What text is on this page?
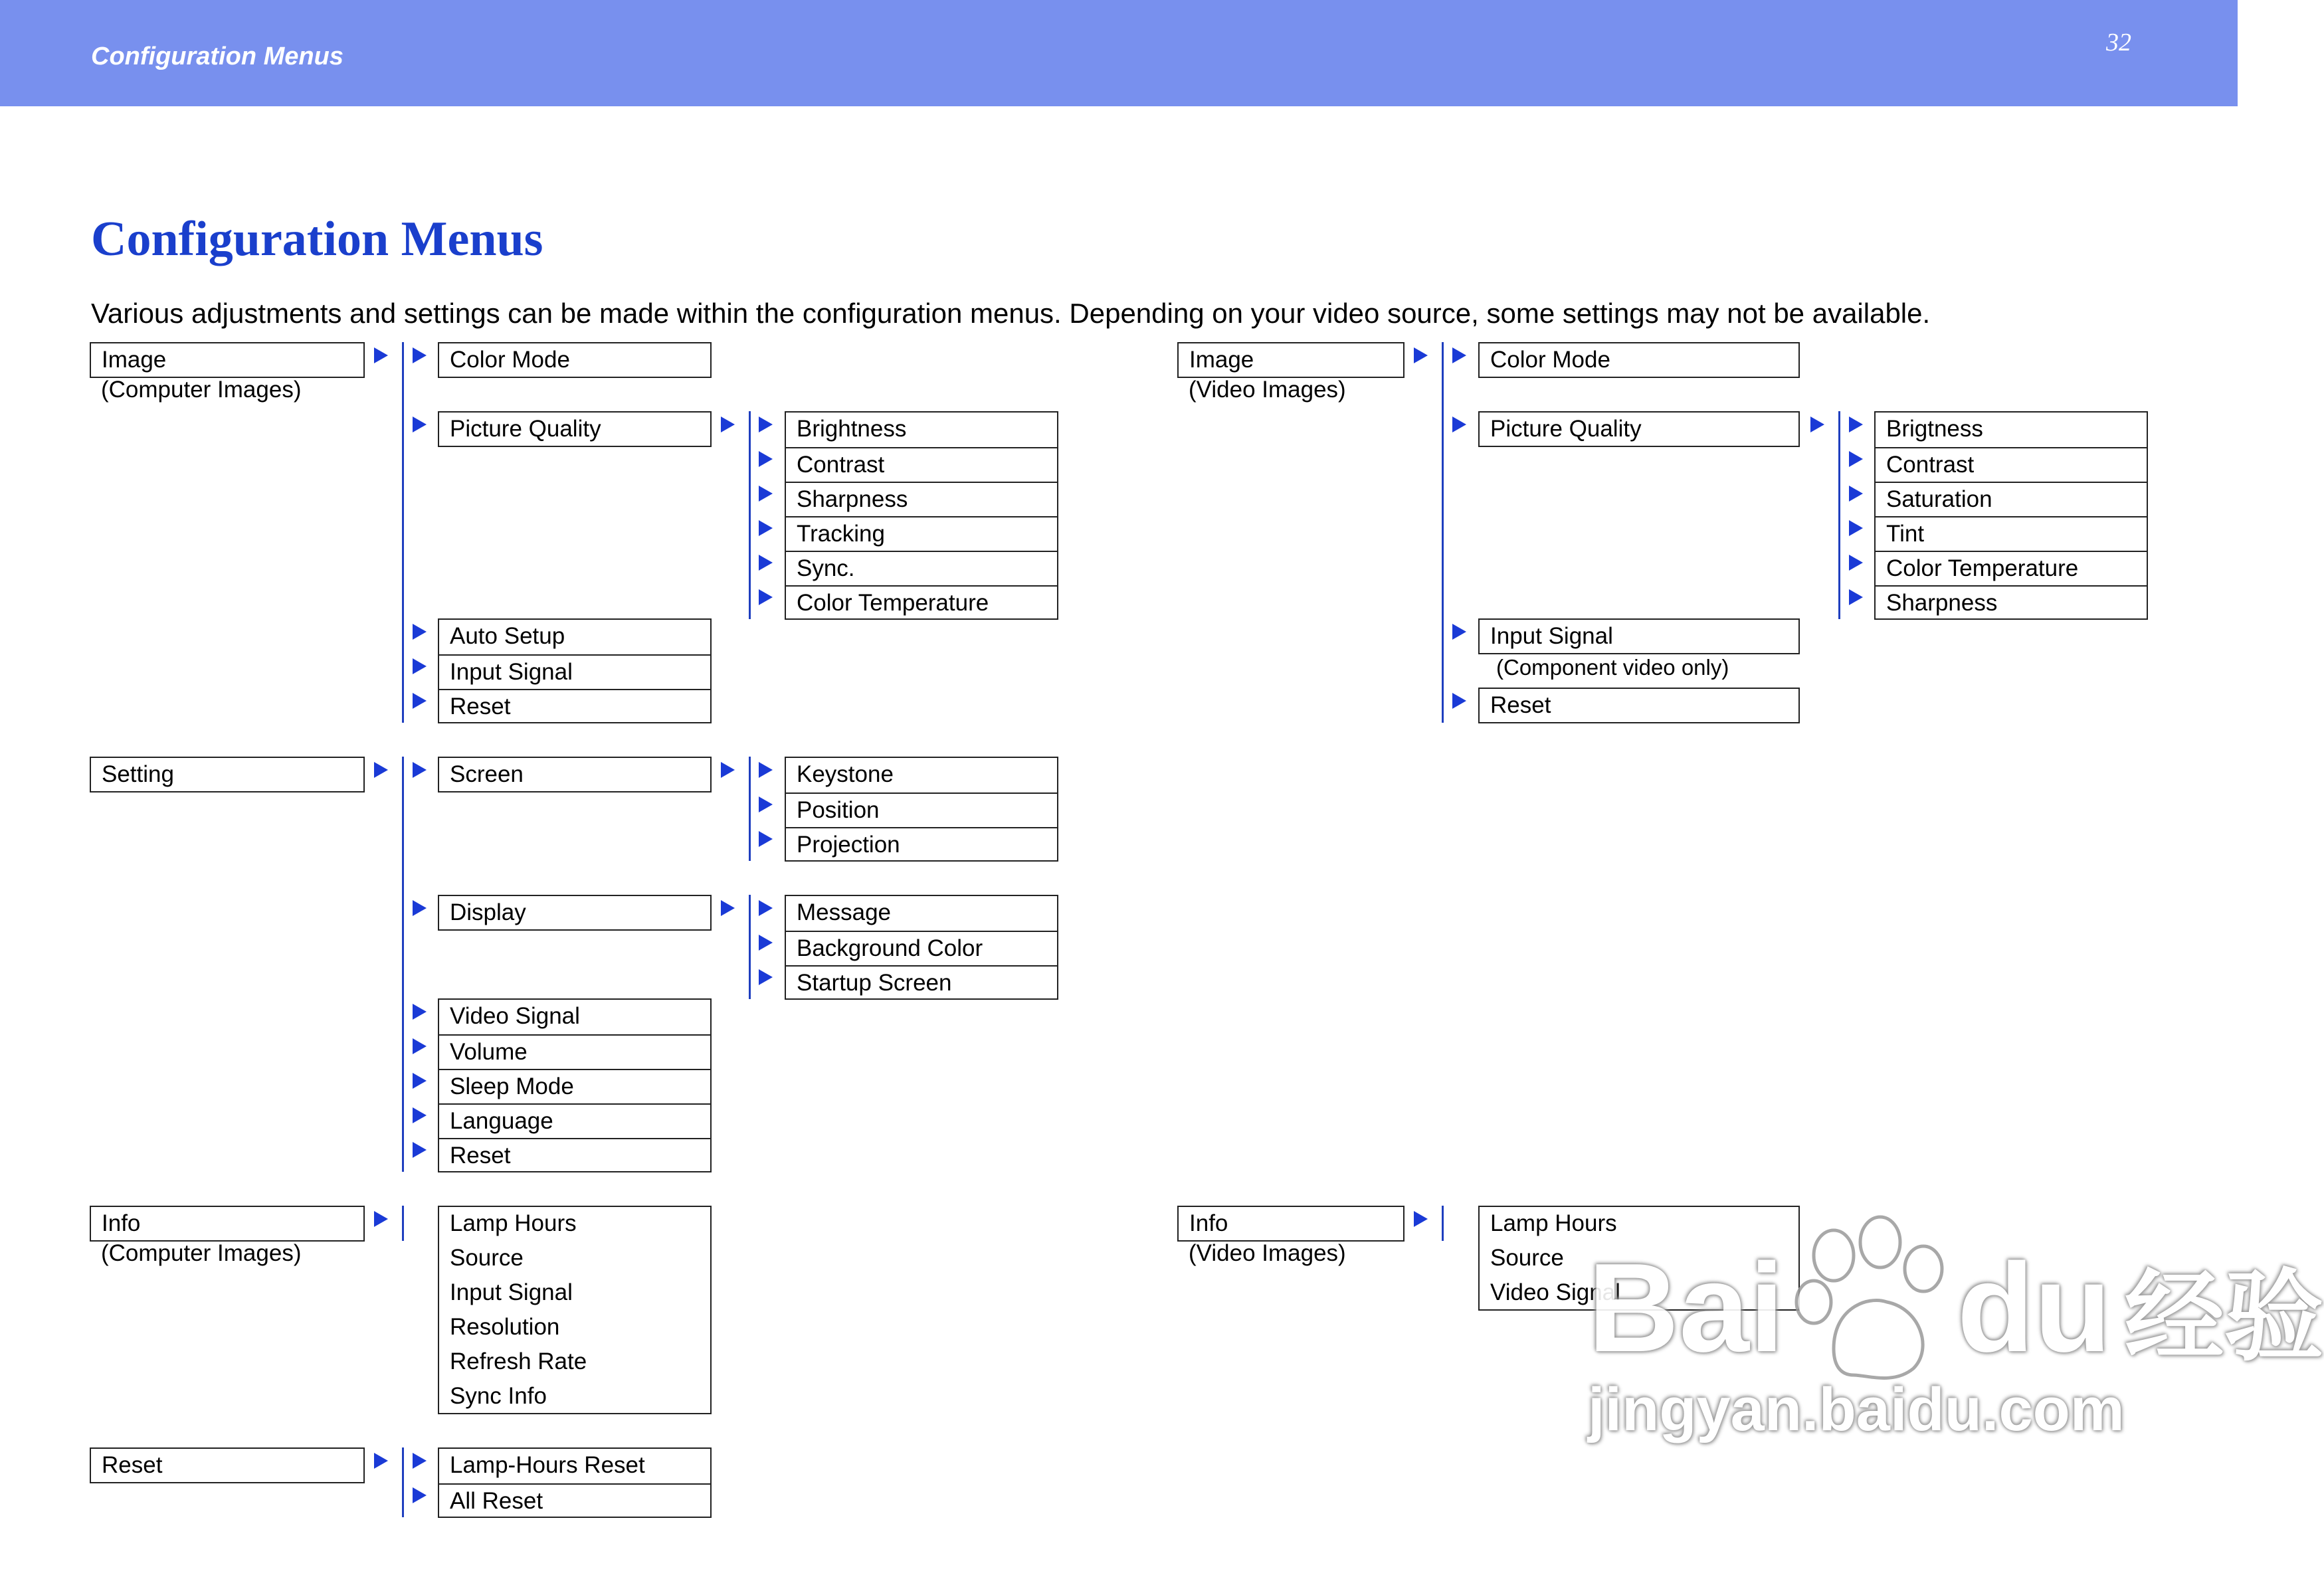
Configuration Menus	32
Configuration Menus
Various adjustments and settings can be made within the configuration menus. Depending on your video source, some settings may not be available.
Image
(Computer Images)
Color Mode
Picture Quality	Brightness
Contrast
Sharpness
Tracking
Sync.
Color Temperature
Auto Setup
Input Signal
Reset
Image
(Video Images)
Color Mode
Picture Quality	Brigtness
Contrast
Saturation
Tint
Color Temperature
Sharpness
Input Signal
(Component video only)
Reset
Setting	Screen	Keystone
Position
Projection
Display	Message
Background Color
Startup Screen
Video Signal
Volume
Sleep Mode
Language
Reset
Info
(Computer Images)
Lamp Hours
Source
Input Signal
Resolution
Refresh Rate
Sync Info
Info
(Video Images)
Lamp Hours
Source
Video Signal
Reset	Lamp-Hours Reset
All Reset
Bai du 经验
jingyan.baidu.com
